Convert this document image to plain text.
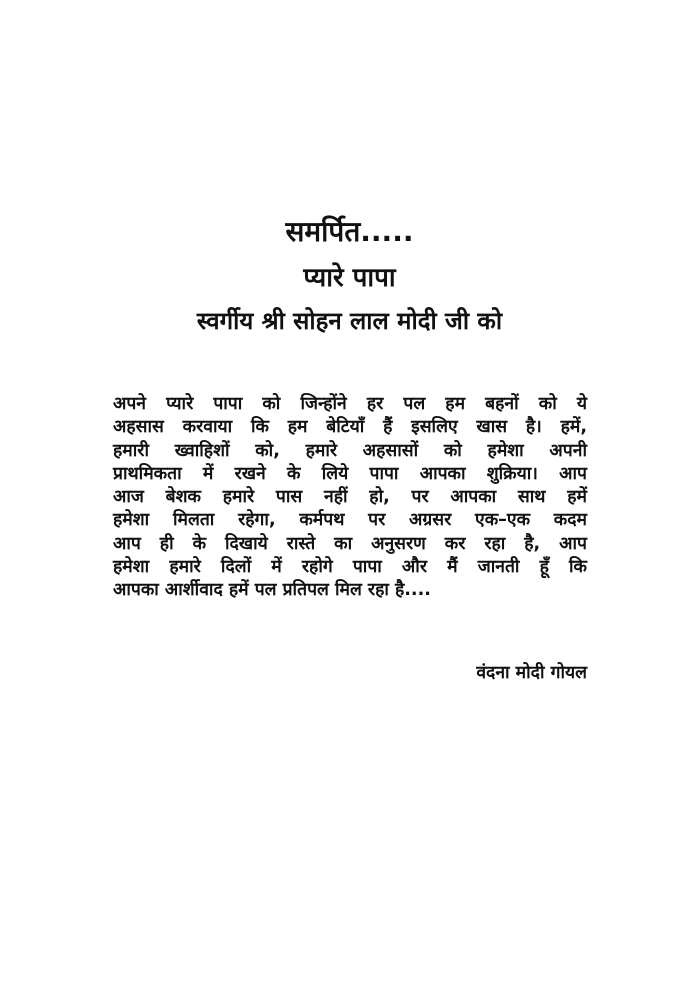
समर्पित.....
प्यारे पापा
स्वर्गीय श्री सोहन लाल मोदी जी को
अपने प्यारे पापा को जिन्होंने हर पल हम बहनों को ये
अहसास करवाया कि हम बेटियाँ हैं इसलिए खास है। हमें,
हमारी ख्वाहिशों को, हमारे अहसासों को हमेशा अपनी
प्राथमिकता में रखने के लिये पापा आपका शुक्रिया। आप
आज बेशक हमारे पास नहीं हो, पर आपका साथ हमें
हमेशा मिलता रहेगा, कर्मपथ पर अग्रसर एक–एक कदम
आप ही के दिखाये रास्ते का अनुसरण कर रहा है, आप
हमेशा हमारे दिलों में रहोगे पापा और मैं जानती हूँ कि
आपका आर्शीवाद हमें पल प्रतिपल मिल रहा है....
वंदना मोदी गोयल
